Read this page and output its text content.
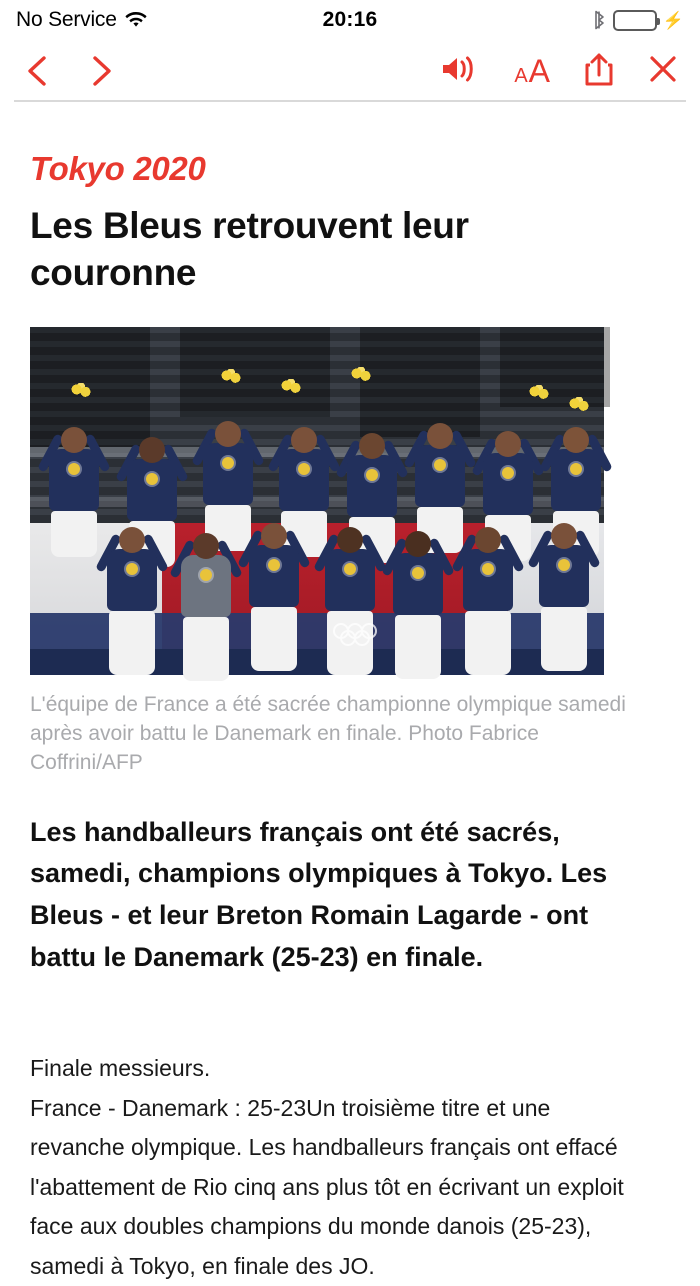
No Service	20:16	⚡
A A
Tokyo 2020
Les Bleus retrouvent leur couronne
L'équipe de France a été sacrée championne olympique samedi après avoir battu le Danemark en finale. Photo Fabrice Coffrini/AFP
Les handballeurs français ont été sacrés, samedi, champions olympiques à Tokyo. Les Bleus - et leur Breton Romain Lagarde - ont battu le Danemark (25-23) en finale.

Finale messieurs.

France - Danemark : 25-23Un troisième titre et une revanche olympique. Les handballeurs français ont effacé l'abattement de Rio cinq ans plus tôt en écrivant un exploit face aux doubles champions du monde danois (25-23),

samedi à Tokyo, en finale des JO.
